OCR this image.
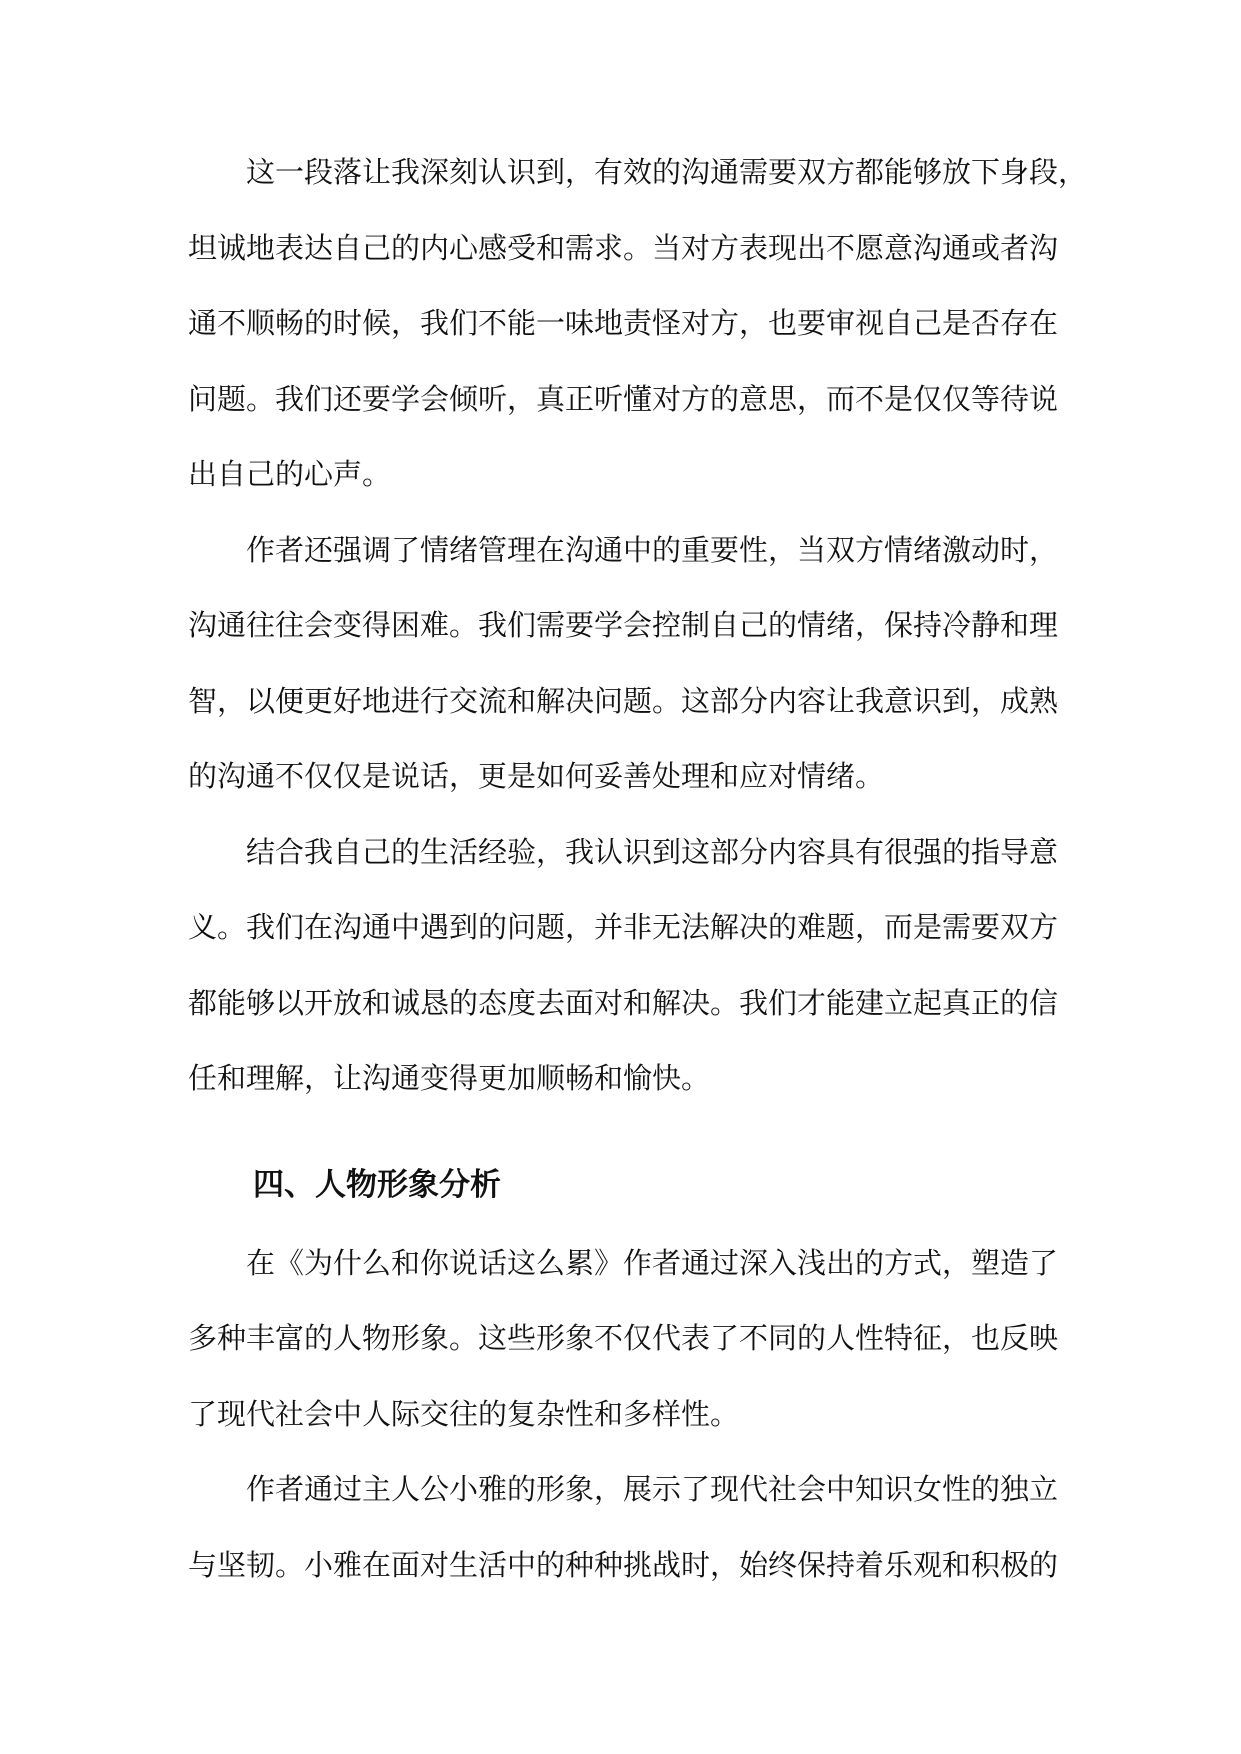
这一段落让我深刻认识到，有效的沟通需要双方都能够放下身段，
坦诚地表达自己的内心感受和需求。当对方表现出不愿意沟通或者沟
通不顺畅的时候，我们不能一味地责怪对方，也要审视自己是否存在
问题。我们还要学会倾听，真正听懂对方的意思，而不是仅仅等待说
出自己的心声。
作者还强调了情绪管理在沟通中的重要性，当双方情绪激动时，
沟通往往会变得困难。我们需要学会控制自己的情绪，保持冷静和理
智，以便更好地进行交流和解决问题。这部分内容让我意识到，成熟
的沟通不仅仅是说话，更是如何妥善处理和应对情绪。
结合我自己的生活经验，我认识到这部分内容具有很强的指导意
义。我们在沟通中遇到的问题，并非无法解决的难题，而是需要双方
都能够以开放和诚恳的态度去面对和解决。我们才能建立起真正的信
任和理解，让沟通变得更加顺畅和愉快。
四、人物形象分析
在《为什么和你说话这么累》作者通过深入浅出的方式，塑造了
多种丰富的人物形象。这些形象不仅代表了不同的人性特征，也反映
了现代社会中人际交往的复杂性和多样性。
作者通过主人公小雅的形象，展示了现代社会中知识女性的独立
与坚韧。小雅在面对生活中的种种挑战时，始终保持着乐观和积极的
